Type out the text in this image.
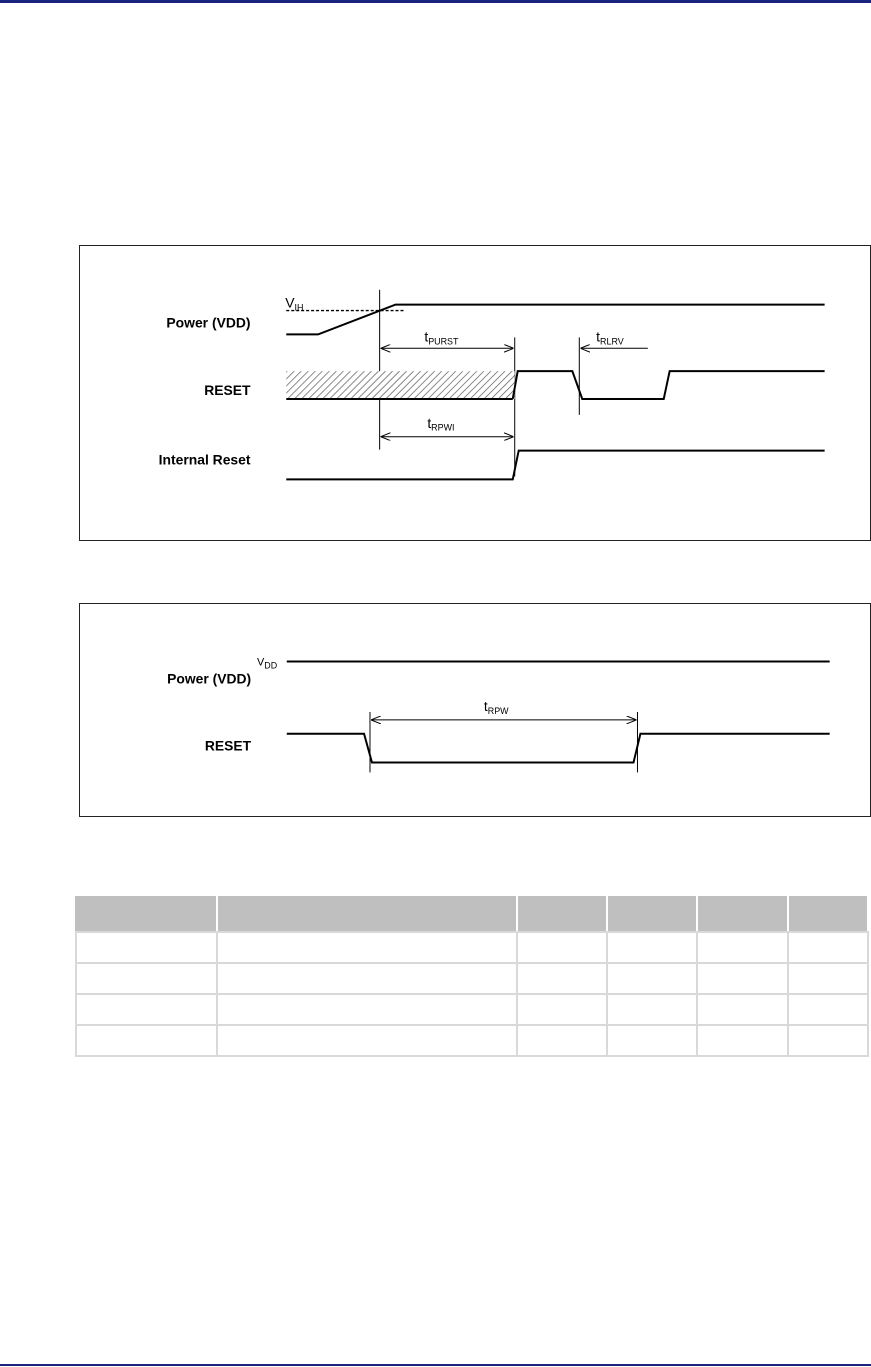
Power (VDD)
RESET
Internal Reset
$V_{IH}$
$t_{PURST}$	$t_{RLRV}$
$t_{RPWI}$
Power (VDD)
RESET
$V_{DD}$
$t_{RPW}$
